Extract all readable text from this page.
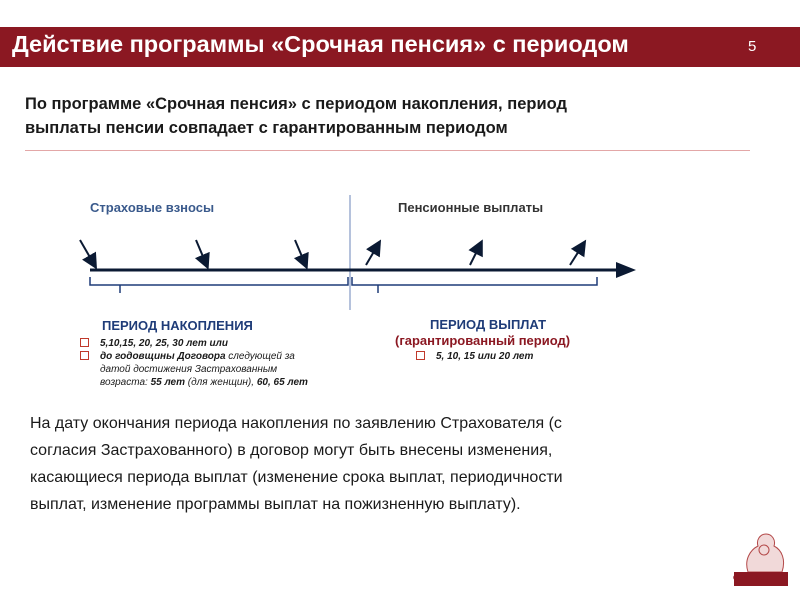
Действие программы «Срочная пенсия» с периодом	5
По программе «Срочная пенсия» с периодом накопления, период
выплаты пенсии совпадает с гарантированным периодом
Страховые взносы	Пенсионные выплаты
ПЕРИОД НАКОПЛЕНИЯ
5,10,15, 20, 25, 30 лет или
до годовщины Договора следующей за
датой достижения Застрахованным
возраста: 55 лет (для женщин), 60, 65 лет
ПЕРИОД ВЫПЛАТ
(гарантированный период)
5, 10, 15 или 20 лет
На дату окончания периода накопления по заявлению Страхователя (с
согласия Застрахованного) в договор могут быть внесены изменения,
касающиеся периода выплат (изменение срока выплат, периодичности
выплат, изменение программы выплат на пожизненную выплату).
GENERALI
